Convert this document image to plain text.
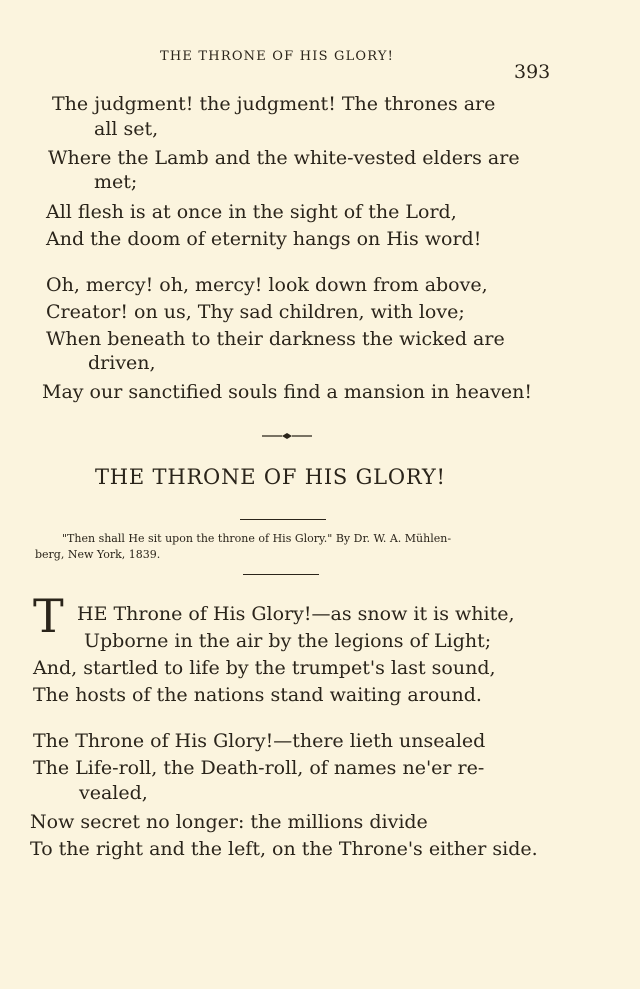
THE THRONE OF HIS GLORY!
393
The judgment! the judgment! The thrones are
all set,
Where the Lamb and the white-vested elders are
met;
All flesh is at once in the sight of the Lord,
And the doom of eternity hangs on His word!
Oh, mercy! oh, mercy! look down from above,
Creator! on us, Thy sad children, with love;
When beneath to their darkness the wicked are
driven,
May our sanctified souls find a mansion in heaven!
THE THRONE OF HIS GLORY!
"Then shall He sit upon the throne of His Glory." By Dr. W. A. Mühlen-
berg, New York, 1839.
T HE Throne of His Glory!—as snow it is white,
Upborne in the air by the legions of Light;
And, startled to life by the trumpet's last sound,
The hosts of the nations stand waiting around.
The Throne of His Glory!—there lieth unsealed
The Life-roll, the Death-roll, of names ne'er re-
vealed,
Now secret no longer: the millions divide
To the right and the left, on the Throne's either side.
